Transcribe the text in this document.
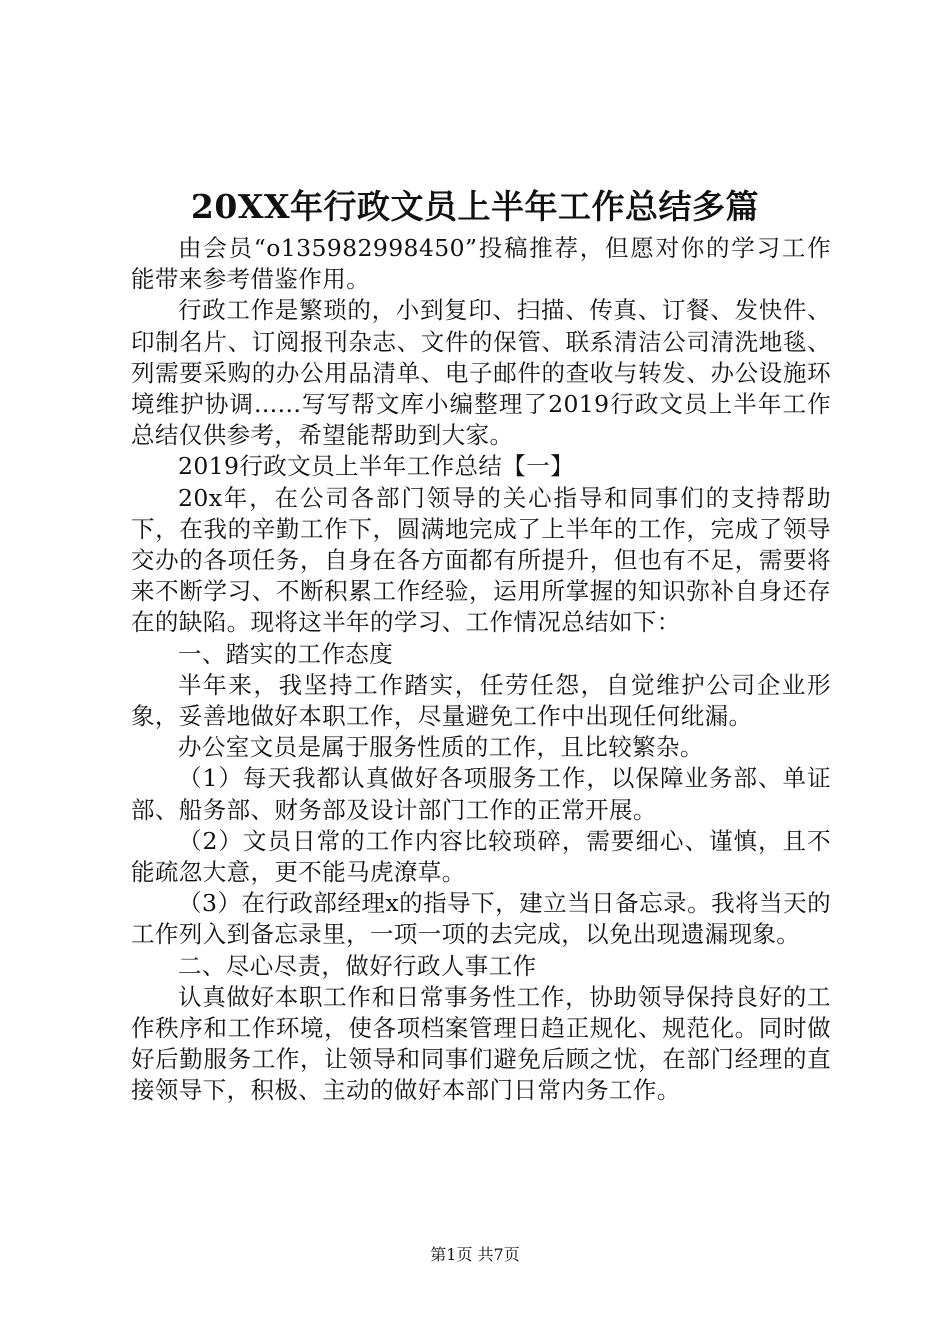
20XX年行政文员上半年工作总结多篇

由会员“o135982998450”投稿推荐，但愿对你的学习工作能带来参考借鉴作用。

行政工作是繁琐的，小到复印、扫描、传真、订餐、发快件、印制名片、订阅报刊杂志、文件的保管、联系清洁公司清洗地毯、列需要采购的办公用品清单、电子邮件的查收与转发、办公设施环境维护协调......写写帮文库小编整理了2019行政文员上半年工作总结仅供参考，希望能帮助到大家。

2019行政文员上半年工作总结【一】

20x年，在公司各部门领导的关心指导和同事们的支持帮助下，在我的辛勤工作下，圆满地完成了上半年的工作，完成了领导交办的各项任务，自身在各方面都有所提升，但也有不足，需要将来不断学习、不断积累工作经验，运用所掌握的知识弥补自身还存在的缺陷。现将这半年的学习、工作情况总结如下：

一、踏实的工作态度

半年来，我坚持工作踏实，任劳任怨，自觉维护公司企业形象，妥善地做好本职工作，尽量避免工作中出现任何纰漏。

办公室文员是属于服务性质的工作，且比较繁杂。

（1）每天我都认真做好各项服务工作，以保障业务部、单证部、船务部、财务部及设计部门工作的正常开展。

（2）文员日常的工作内容比较琐碎，需要细心、谨慎，且不能疏忽大意，更不能马虎潦草。

（3）在行政部经理x的指导下，建立当日备忘录。我将当天的工作列入到备忘录里，一项一项的去完成，以免出现遗漏现象。

二、尽心尽责，做好行政人事工作

认真做好本职工作和日常事务性工作，协助领导保持良好的工作秩序和工作环境，使各项档案管理日趋正规化、规范化。同时做好后勤服务工作，让领导和同事们避免后顾之忧，在部门经理的直接领导下，积极、主动的做好本部门日常内务工作。

第1页 共7页
